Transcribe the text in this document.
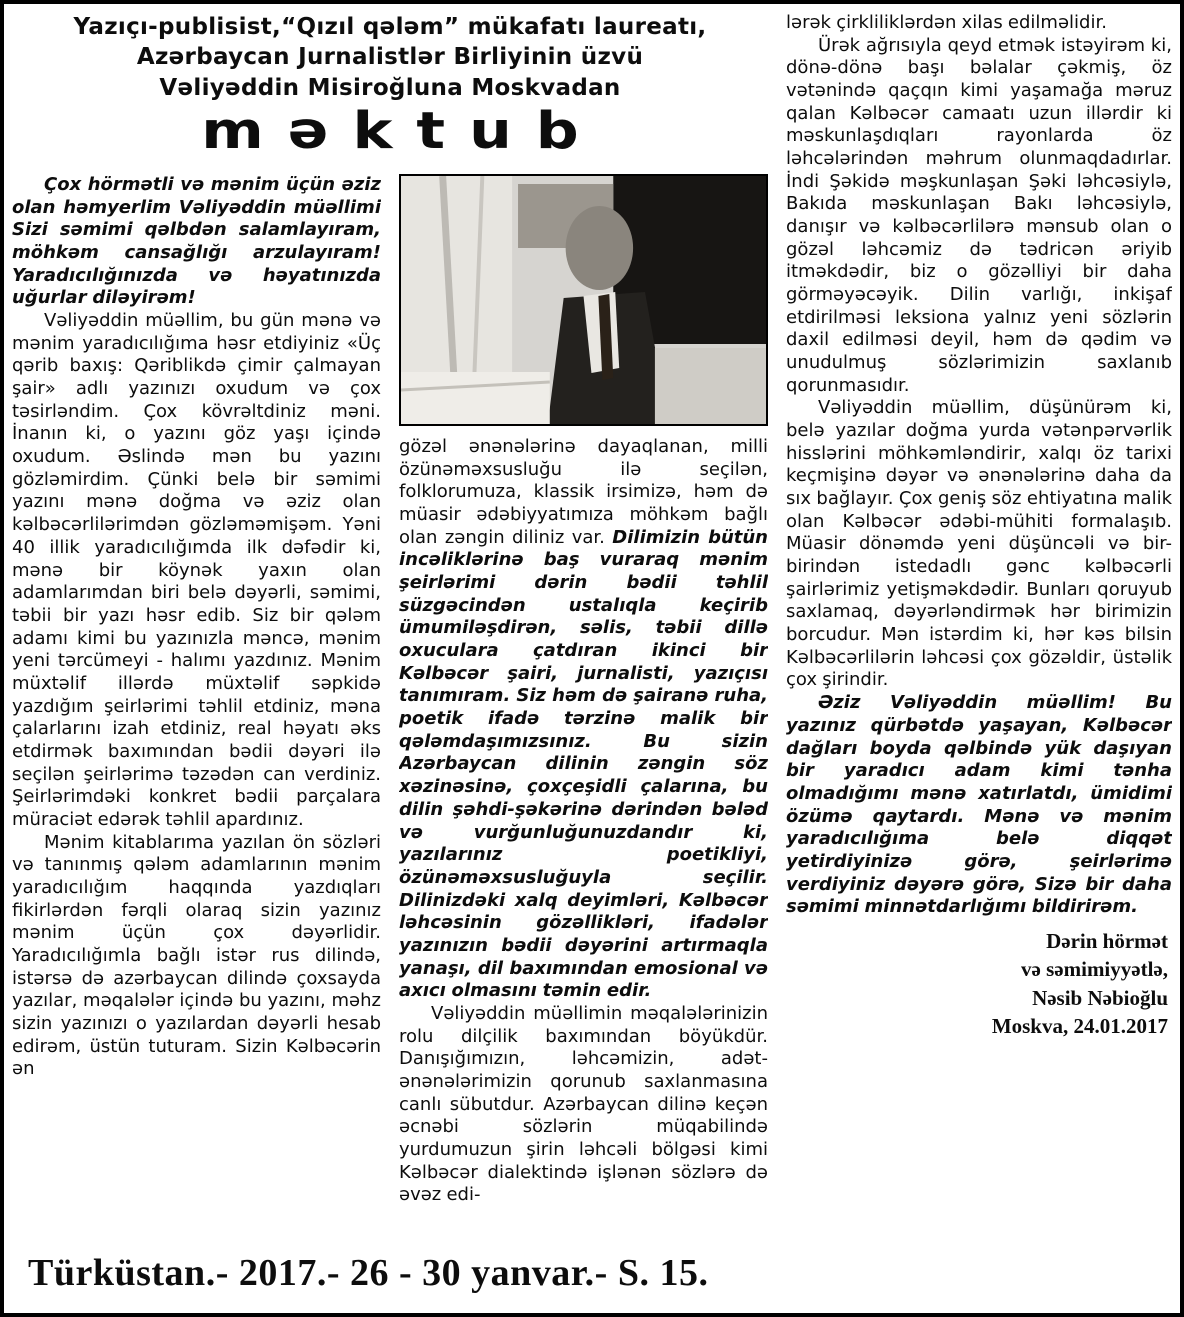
Yazıçı-publisist,“Qızıl qələm” mükafatı laureatı,
Azərbaycan Jurnalistlər Birliyinin üzvü
Vəliyəddin Misiroğluna Moskvadan
məktub

Çox hörmətli və mənim üçün əziz olan həmyerlim Vəliyəddin müəllimi Sizi səmimi qəlbdən salamlayıram, möhkəm cansağlığı arzulayıram! Yaradıcılığınızda və həyatınızda uğurlar diləyirəm!

Vəliyəddin müəllim, bu gün mənə və mənim yaradıcılığıma həsr etdiyiniz «Üç qərib baxış: Qəriblikdə çimir çalmayan şair» adlı yazınızı oxudum və çox təsirləndim. Çox kövrəltdiniz məni. İnanın ki, o yazını göz yaşı içində oxudum. Əslində mən bu yazını gözləmirdim. Çünki belə bir səmimi yazını mənə doğma və əziz olan kəlbəcərlilərimdən gözləməmişəm. Yəni 40 illik yaradıcılığımda ilk dəfədir ki, mənə bir köynək yaxın olan adamlarımdan biri belə dəyərli, səmimi, təbii bir yazı həsr edib. Siz bir qələm adamı kimi bu yazınızla məncə, mənim yeni tərcümeyi - halımı yazdınız. Mənim müxtəlif illərdə müxtəlif səpkidə yazdığım şeirlərimi təhlil etdiniz, məna çalarlarını izah etdiniz, real həyatı əks etdirmək baxımından bədii dəyəri ilə seçilən şeirlərimə təzədən can verdiniz. Şeirlərimdəki konkret bədii parçalara müraciət edərək təhlil apardınız.

Mənim kitablarıma yazılan ön sözləri və tanınmış qələm adamlarının mənim yaradıcılığım haqqında yazdıqları fikirlərdən fərqli olaraq sizin yazınız mənim üçün çox dəyərlidir. Yaradıcılığımla bağlı istər rus dilində, istərsə də azərbaycan dilində çoxsayda yazılar, məqalələr içində bu yazını, məhz sizin yazınızı o yazılardan dəyərli hesab edirəm, üstün tuturam. Sizin Kəlbəcərin ən

gözəl ənənələrinə dayaqlanan, milli özünəməxsusluğu ilə seçilən, folklorumuza, klassik irsimizə, həm də müasir ədəbiyyatımıza möhkəm bağlı olan zəngin diliniz var. Dilimizin bütün incəliklərinə baş vuraraq mənim şeirlərimi dərin bədii təhlil süzgəcindən ustalıqla keçirib ümumiləşdirən, səlis, təbii dillə oxuculara çatdıran ikinci bir Kəlbəcər şairi, jurnalisti, yazıçısı tanımıram. Siz həm də şairanə ruha, poetik ifadə tərzinə malik bir qələmdaşımızsınız. Bu sizin Azərbaycan dilinin zəngin söz xəzinəsinə, çoxçeşidli çalarına, bu dilin şəhdi-şəkərinə dərindən bələd və vurğunluğunuzdandır ki, yazılarınız poetikliyi, özünəməxsusluğuyla seçilir. Dilinizdəki xalq deyimləri, Kəlbəcər ləhcəsinin gözəllikləri, ifadələr yazınızın bədii dəyərini artırmaqla yanaşı, dil baxımından emosional və axıcı olmasını təmin edir.

Vəliyəddin müəllimin məqalələrinizin rolu dilçilik baxımından böyükdür. Danışığımızın, ləhcəmizin, adət-ənənələrimizin qorunub saxlanmasına canlı sübutdur. Azərbaycan dilinə keçən əcnəbi sözlərin müqabilində yurdumuzun şirin ləhcəli bölgəsi kimi Kəlbəcər dialektində işlənən sözlərə də əvəz edi-

lərək çirkliliklərdən xilas edilməlidir.

Ürək ağrısıyla qeyd etmək istəyirəm ki, dönə-dönə başı bəlalar çəkmiş, öz vətənində qaçqın kimi yaşamağa məruz qalan Kəlbəcər camaatı uzun illərdir ki məskunlaşdıqları rayonlarda öz ləhcələrindən məhrum olunmaqdadırlar. İndi Şəkidə məşkunlaşan Şəki ləhcəsiylə, Bakıda məskunlaşan Bakı ləhcəsiylə, danışır və kəlbəcərlilərə mənsub olan o gözəl ləhcəmiz də tədricən əriyib itməkdədir, biz o gözəlliyi bir daha görməyəcəyik. Dilin varlığı, inkişaf etdirilməsi leksiona yalnız yeni sözlərin daxil edilməsi deyil, həm də qədim və unudulmuş sözlərimizin saxlanıb qorunmasıdır.

Vəliyəddin müəllim, düşünürəm ki, belə yazılar doğma yurda vətənpərvərlik hisslərini möhkəmləndirir, xalqı öz tarixi keçmişinə dəyər və ənənələrinə daha da sıx bağlayır. Çox geniş söz ehtiyatına malik olan Kəlbəcər ədəbi-mühiti formalaşıb. Müasir dönəmdə yeni düşüncəli və bir-birindən istedadlı gənc kəlbəcərli şairlərimiz yetişməkdədir. Bunları qoruyub saxlamaq, dəyərləndirmək hər birimizin borcudur. Mən istərdim ki, hər kəs bilsin Kəlbəcərlilərin ləhcəsi çox gözəldir, üstəlik çox şirindir.

Əziz Vəliyəddin müəllim! Bu yazınız qürbətdə yaşayan, Kəlbəcər dağları boyda qəlbində yük daşıyan bir yaradıcı adam kimi tənha olmadığımı mənə xatırlatdı, ümidimi özümə qaytardı. Mənə və mənim yaradıcılığıma belə diqqət yetirdiyinizə görə, şeirlərimə verdiyiniz dəyərə görə, Sizə bir daha səmimi minnətdarlığımı bildirirəm.

Dərin hörmət
və səmimiyyətlə,
Nəsib Nəbioğlu
Moskva, 24.01.2017
Türküstan.- 2017.- 26 - 30 yanvar.- S. 15.
